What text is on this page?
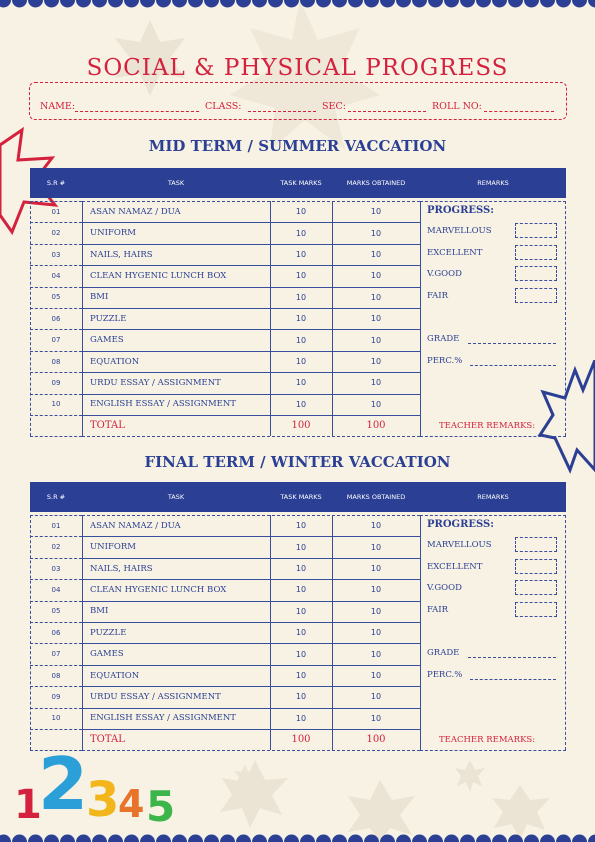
SOCIAL & PHYSICAL PROGRESS
NAME:	CLASS:	SEC:	ROLL NO:
MID TERM / SUMMER VACCATION
S.R #	TASK	TASK MARKS	MARKS OBTAINED	REMARKS
01	ASAN NAMAZ / DUA	10	10
02	UNIFORM	10	10
03	NAILS, HAIRS	10	10
04	CLEAN HYGENIC LUNCH BOX	10	10
05	BMI	10	10
06	PUZZLE	10	10
07	GAMES	10	10
08	EQUATION	10	10
09	URDU ESSAY / ASSIGNMENT	10	10
10	ENGLISH ESSAY / ASSIGNMENT	10	10
TOTAL	100	100
PROGRESS:
MARVELLOUS
EXCELLENT
V.GOOD
FAIR
GRADE
PERC.%
TEACHER REMARKS:
FINAL TERM / WINTER VACCATION
S.R #	TASK	TASK MARKS	MARKS OBTAINED	REMARKS
01	ASAN NAMAZ / DUA	10	10
02	UNIFORM	10	10
03	NAILS, HAIRS	10	10
04	CLEAN HYGENIC LUNCH BOX	10	10
05	BMI	10	10
06	PUZZLE	10	10
07	GAMES	10	10
08	EQUATION	10	10
09	URDU ESSAY / ASSIGNMENT	10	10
10	ENGLISH ESSAY / ASSIGNMENT	10	10
TOTAL	100	100
PROGRESS:
MARVELLOUS
EXCELLENT
V.GOOD
FAIR
GRADE
PERC.%
TEACHER REMARKS:
1
2
3
4 5
